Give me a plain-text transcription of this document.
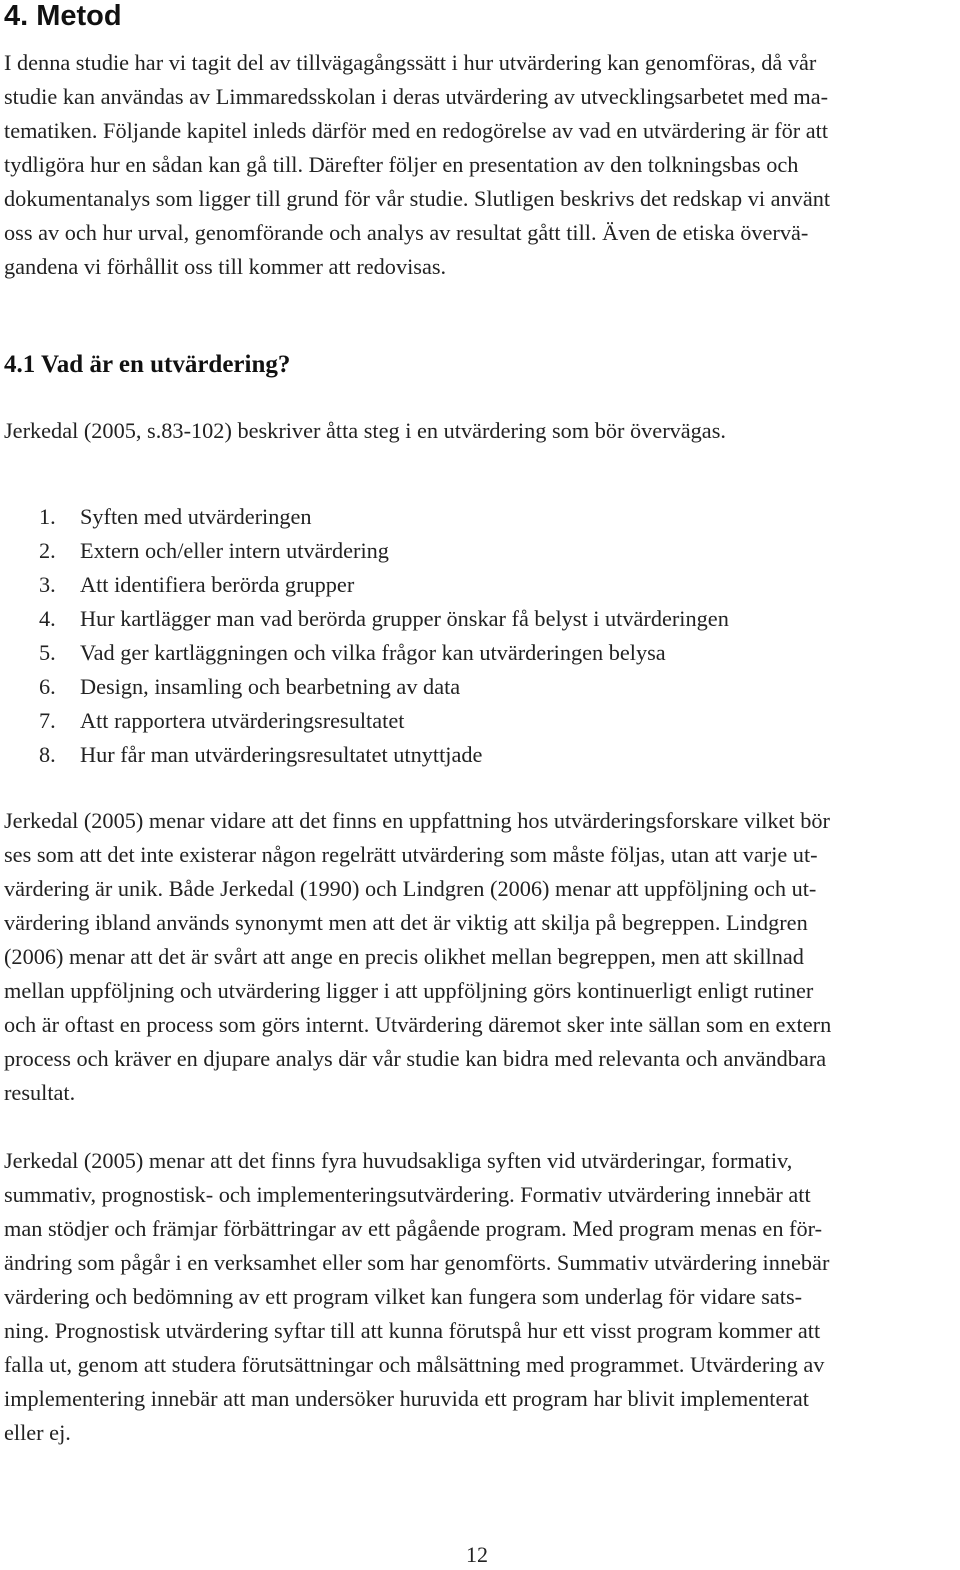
4. Metod

I denna studie har vi tagit del av tillvägagångssätt i hur utvärdering kan genomföras, då vår

studie kan användas av Limmaredsskolan i deras utvärdering av utvecklingsarbetet med ma-

tematiken. Följande kapitel inleds därför med en redogörelse av vad en utvärdering är för att

tydligöra hur en sådan kan gå till. Därefter följer en presentation av den tolkningsbas och

dokumentanalys som ligger till grund för vår studie. Slutligen beskrivs det redskap vi använt

oss av och hur urval, genomförande och analys av resultat gått till. Även de etiska övervä-

gandena vi förhållit oss till kommer att redovisas.

4.1 Vad är en utvärdering?

Jerkedal (2005, s.83-102) beskriver åtta steg i en utvärdering som bör övervägas.

1. Syften med utvärderingen
2. Extern och/eller intern utvärdering
3. Att identifiera berörda grupper
4. Hur kartlägger man vad berörda grupper önskar få belyst i utvärderingen
5. Vad ger kartläggningen och vilka frågor kan utvärderingen belysa
6. Design, insamling och bearbetning av data
7. Att rapportera utvärderingsresultatet
8. Hur får man utvärderingsresultatet utnyttjade

Jerkedal (2005) menar vidare att det finns en uppfattning hos utvärderingsforskare vilket bör

ses som att det inte existerar någon regelrätt utvärdering som måste följas, utan att varje ut-

värdering är unik. Både Jerkedal (1990) och Lindgren (2006) menar att uppföljning och ut-

värdering ibland används synonymt men att det är viktig att skilja på begreppen. Lindgren

(2006) menar att det är svårt att ange en precis olikhet mellan begreppen, men att skillnad

mellan uppföljning och utvärdering ligger i att uppföljning görs kontinuerligt enligt rutiner

och är oftast en process som görs internt. Utvärdering däremot sker inte sällan som en extern

process och kräver en djupare analys där vår studie kan bidra med relevanta och användbara

resultat.

Jerkedal (2005) menar att det finns fyra huvudsakliga syften vid utvärderingar, formativ,

summativ, prognostisk- och implementeringsutvärdering. Formativ utvärdering innebär att

man stödjer och främjar förbättringar av ett pågående program. Med program menas en för-

ändring som pågår i en verksamhet eller som har genomförts. Summativ utvärdering innebär

värdering och bedömning av ett program vilket kan fungera som underlag för vidare sats-

ning. Prognostisk utvärdering syftar till att kunna förutspå hur ett visst program kommer att

falla ut, genom att studera förutsättningar och målsättning med programmet. Utvärdering av

implementering innebär att man undersöker huruvida ett program har blivit implementerat

eller ej.

12
